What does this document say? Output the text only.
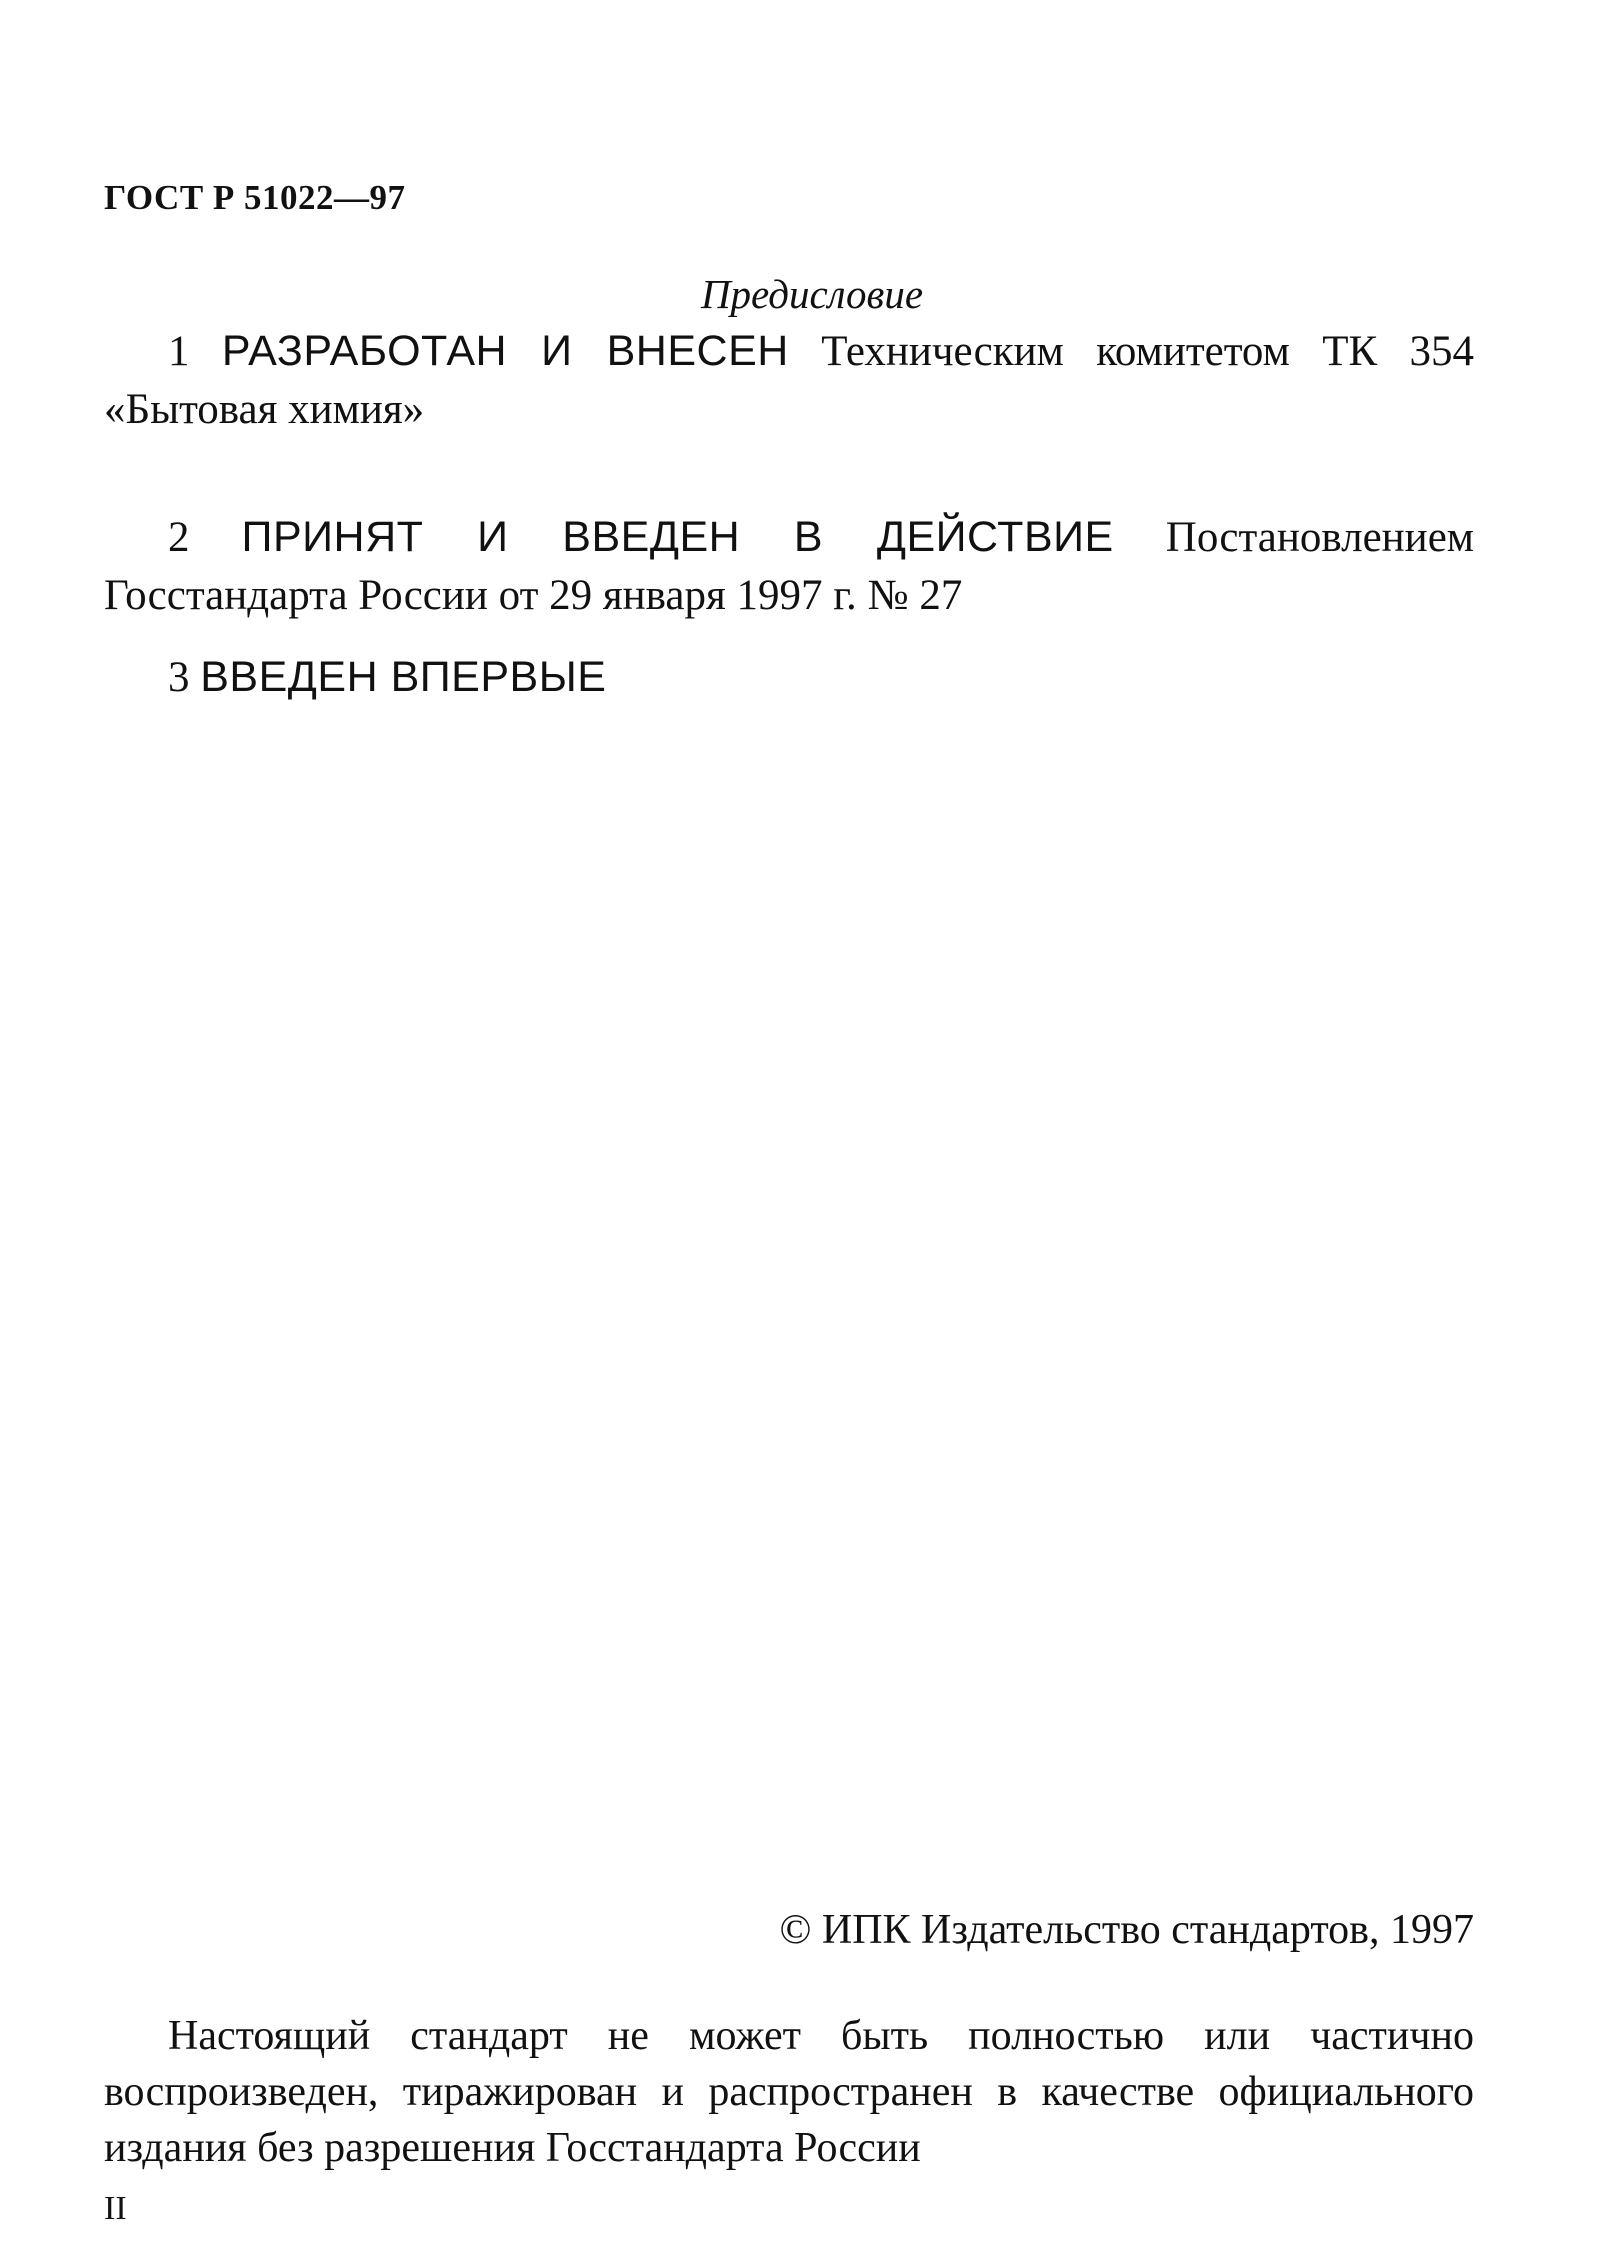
ГОСТ Р 51022—97
Предисловие
1 РАЗРАБОТАН И ВНЕСЕН Техническим комитетом ТК 354 «Бытовая химия»
2 ПРИНЯТ И ВВЕДЕН В ДЕЙСТВИЕ Постановлением Госстандарта России от 29 января 1997 г. № 27
3 ВВЕДЕН ВПЕРВЫЕ
© ИПК Издательство стандартов, 1997
Настоящий стандарт не может быть полностью или частично воспроизведен, тиражирован и распространен в качестве официального издания без разрешения Госстандарта России
II
